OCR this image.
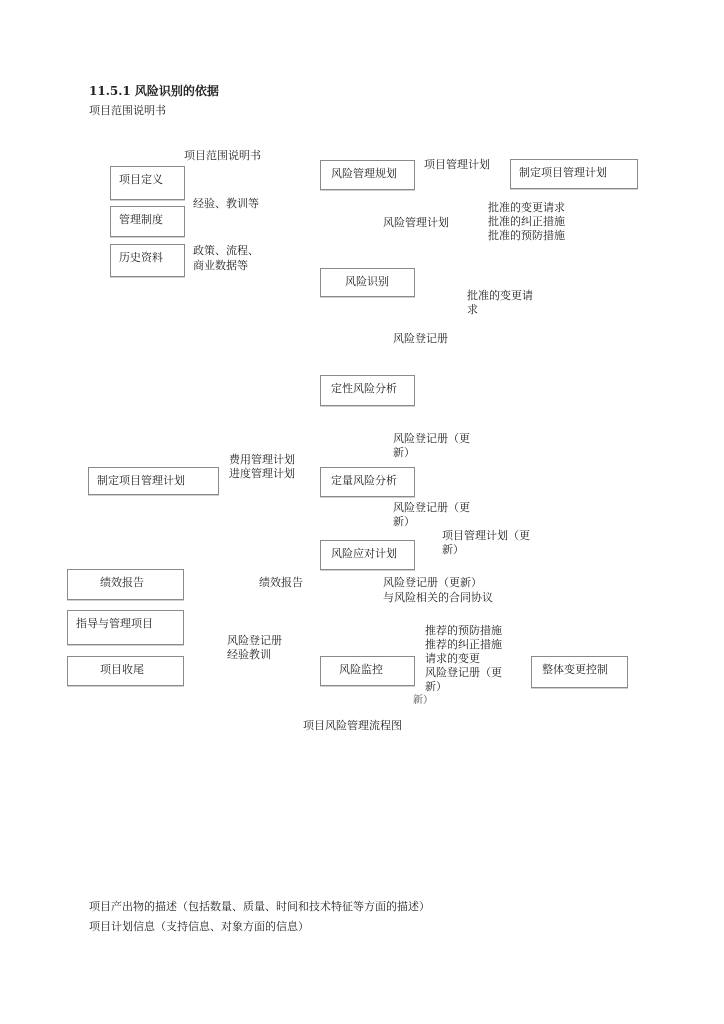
11.5.1 风险识别的依据
项目范围说明书
项目范围说明书
项目定义
管理制度
历史资料
经验、教训等
政策、流程、
商业数据等
风险管理规划
项目管理计划
制定项目管理计划
风险管理计划
批准的变更请求
批准的纠正措施
批准的预防措施
风险识别
批准的变更请
求
风险登记册
定性风险分析
风险登记册（更
新）
费用管理计划
进度管理计划
制定项目管理计划	定量风险分析
风险登记册（更
新）
项目管理计划（更
新）
风险应对计划
绩效报告	绩效报告	风险登记册（更新）
与风险相关的合同协议
指导与管理项目
推荐的预防措施
推荐的纠正措施
请求的变更
风险登记册（更
新）
风险登记册
经验教训
项目收尾	风险监控	整体变更控制
新）
项目风险管理流程图
项目产出物的描述（包括数量、质量、时间和技术特征等方面的描述）
项目计划信息（支持信息、对象方面的信息）
